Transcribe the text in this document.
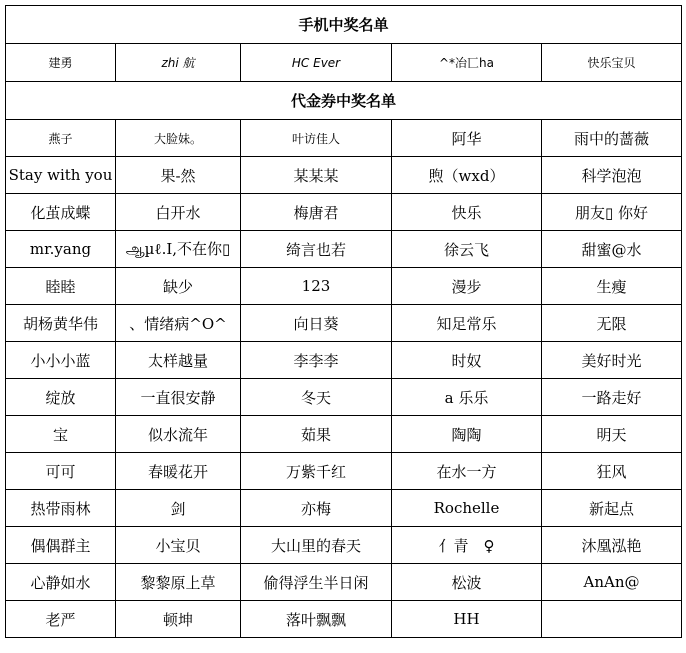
手机中奖名单				
建勇	zhi 航	HC Ever	^*冶匸ha	快乐宝贝
代金券中奖名单				
燕子	大脸妹。	叶访佳人	阿华	雨中的蔷薇
Stay with you	果-然	某某某	煦（wxd）	科学泡泡
化茧成蝶	白开水	梅唐君	快乐	朋友▯ 你好
mr.yang	ஆµℓ.I,不在你▯	绮言也若	徐云飞	甜蜜@水
睦睦	缺少	123	漫步	生瘦
胡杨黄华伟	、情绪病^O^	向日葵	知足常乐	无限
小小小蓝	太样越量	李李李	时奴	美好时光
绽放	一直很安静	冬天	a 乐乐	一路走好
宝	似水流年	茹果	陶陶	明天
可可	春暖花开	万紫千红	在水一方	狂风
热带雨林	剑	亦梅	Rochelle	新起点
偶偶群主	小宝贝	大山里的春天	亻青　♀	沐凰泓艳
心静如水	黎黎原上草	偷得浮生半日闲	松波	AnAn@
老严	顿坤	落叶飘飘	HH	
